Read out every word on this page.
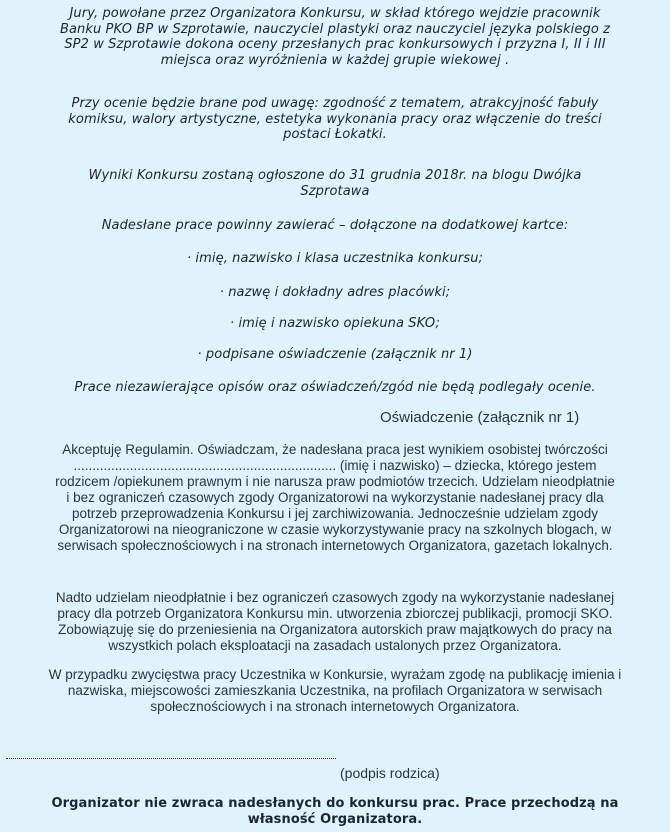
Jury, powołane przez Organizatora Konkursu, w skład którego wejdzie pracownik
Banku PKO BP w Szprotawie, nauczyciel plastyki oraz nauczyciel języka polskiego z
SP2 w Szprotawie dokona oceny przesłanych prac konkursowych i przyzna I, II i III
miejsca oraz wyróżnienia w każdej grupie wiekowej .

Przy ocenie będzie brane pod uwagę: zgodność z tematem, atrakcyjność fabuły
komiksu, walory artystyczne, estetyka wykonania pracy oraz włączenie do treści
postaci Łokatki.

Wyniki Konkursu zostaną ogłoszone do 31 grudnia 2018r. na blogu Dwójka
Szprotawa

Nadesłane prace powinny zawierać – dołączone na dodatkowej kartce:

· imię, nazwisko i klasa uczestnika konkursu;

· nazwę i dokładny adres placówki;

· imię i nazwisko opiekuna SKO;

· podpisane oświadczenie (załącznik nr 1)

Prace niezawierające opisów oraz oświadczeń/zgód nie będą podlegały ocenie.

Oświadczenie (załącznik nr 1)

Akceptuję Regulamin. Oświadczam, że nadesłana praca jest wynikiem osobistej twórczości
...................................................................... (imię i nazwisko) – dziecka, którego jestem
rodzicem /opiekunem prawnym i nie narusza praw podmiotów trzecich. Udzielam nieodpłatnie
i bez ograniczeń czasowych zgody Organizatorowi na wykorzystanie nadesłanej pracy dla
potrzeb przeprowadzenia Konkursu i jej zarchiwizowania. Jednocześnie udzielam zgody
Organizatorowi na nieograniczone w czasie wykorzystywanie pracy na szkolnych blogach, w
serwisach społecznościowych i na stronach internetowych Organizatora, gazetach lokalnych.

Nadto udzielam nieodpłatnie i bez ograniczeń czasowych zgody na wykorzystanie nadesłanej
pracy dla potrzeb Organizatora Konkursu min. utworzenia zbiorczej publikacji, promocji SKO.
Zobowiązuję się do przeniesienia na Organizatora autorskich praw majątkowych do pracy na
wszystkich polach eksploatacji na zasadach ustalonych przez Organizatora.

W przypadku zwycięstwa pracy Uczestnika w Konkursie, wyrażam zgodę na publikację imienia i
nazwiska, miejscowości zamieszkania Uczestnika, na profilach Organizatora w serwisach
społecznościowych i na stronach internetowych Organizatora.

(podpis rodzica)

Organizator nie zwraca nadesłanych do konkursu prac. Prace przechodzą na
własność Organizatora.
